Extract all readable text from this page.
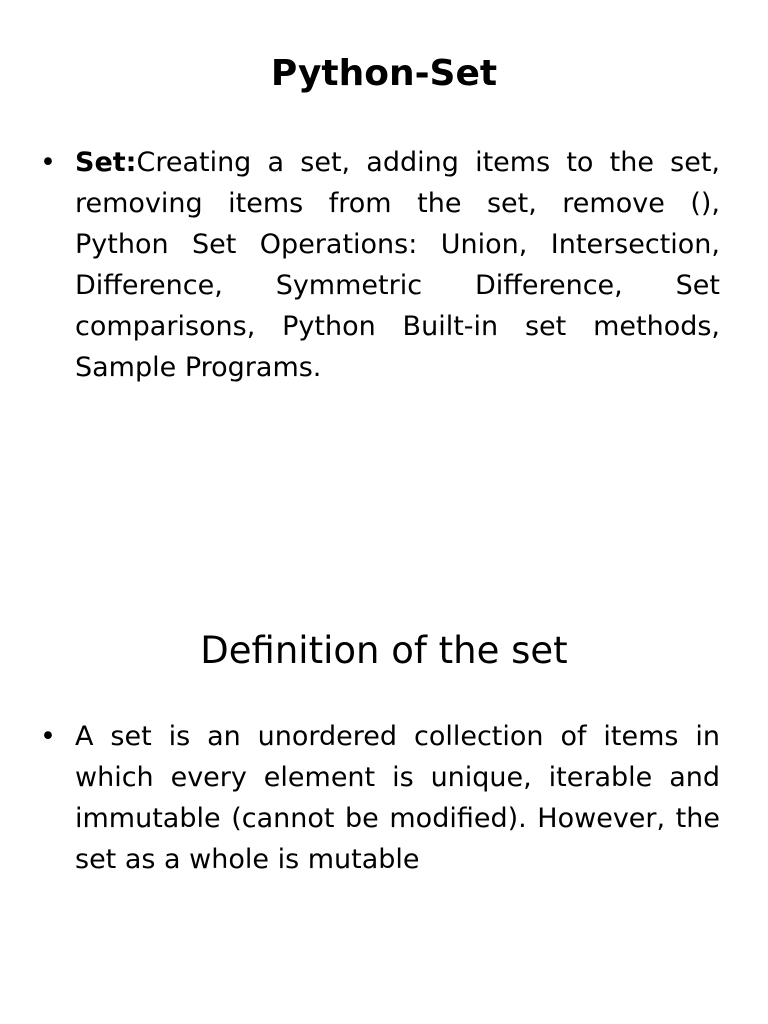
Python-Set
• Set:Creating a set, adding items to the set, removing items from the set, remove (), Python Set Operations: Union, Intersection, Difference, Symmetric Difference, Set comparisons, Python Built-in set methods, Sample Programs.
Definition of the set
• A set is an unordered collection of items in which every element is unique, iterable and immutable (cannot be modified). However, the set as a whole is mutable
